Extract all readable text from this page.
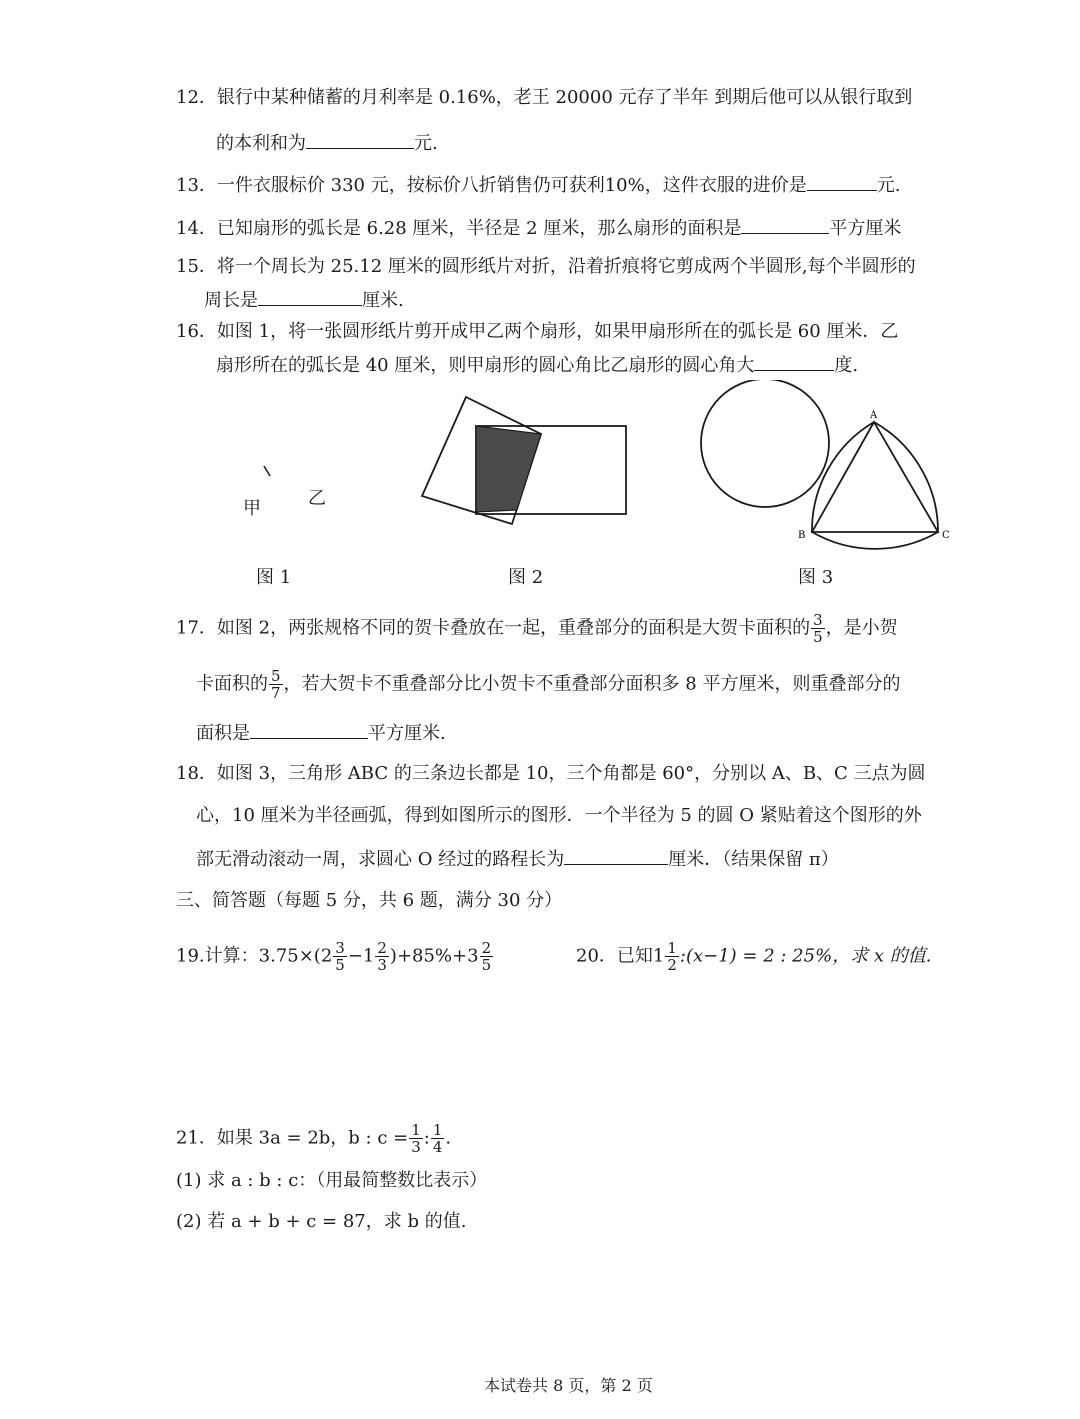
12．银行中某种储蓄的月利率是 0.16%，老王 20000 元存了半年 到期后他可以从银行取到
的本利和为	元.
13．一件衣服标价 330 元，按标价八折销售仍可获利10%，这件衣服的进价是	元.
14．已知扇形的弧长是 6.28 厘米，半径是 2 厘米，那么扇形的面积是	平方厘米
15．将一个周长为 25.12 厘米的圆形纸片对折，沿着折痕将它剪成两个半圆形,每个半圆形的
周长是	厘米.
16．如图 1，将一张圆形纸片剪开成甲乙两个扇形，如果甲扇形所在的弧长是 60 厘米．乙
扇形所在的弧长是 40 厘米，则甲扇形的圆心角比乙扇形的圆心角大	度.
甲	乙
图 1	图 2
A
B	C
图 3
17．如图 2，两张规格不同的贺卡叠放在一起，重叠部分的面积是大贺卡面积的 $\frac{3}{5}$ ，是小贺
卡面积的 $\frac{5}{7}$ ，若大贺卡不重叠部分比小贺卡不重叠部分面积多 8 平方厘米，则重叠部分的
面积是	平方厘米.
18．如图 3，三角形 ABC 的三条边长都是 10，三个角都是 60°，分别以 A、B、C 三点为圆
心，10 厘米为半径画弧，得到如图所示的图形．一个半径为 5 的圆 O 紧贴着这个图形的外
部无滑动滚动一周，求圆心 O 经过的路程长为	厘米．（结果保留 π）
三、简答题（每题 5 分，共 6 题，满分 30 分）
19.计算：$3.75\times(2 \frac{3}{5} -1 \frac{2}{3} )+85\%+3 \frac{2}{5}$	20．已知$1 \frac{1}{2}$ :(x−1) = 2 : 25%，求 x 的值.
21．如果 3a = 2b，b : $c = \frac{1}{3}$ : $\frac{1}{4}$ .
(1) 求 a : b : c：（用最简整数比表示）
(2) 若 a + b + c = 87，求 b 的值.
本试卷共 8 页，第 2 页
